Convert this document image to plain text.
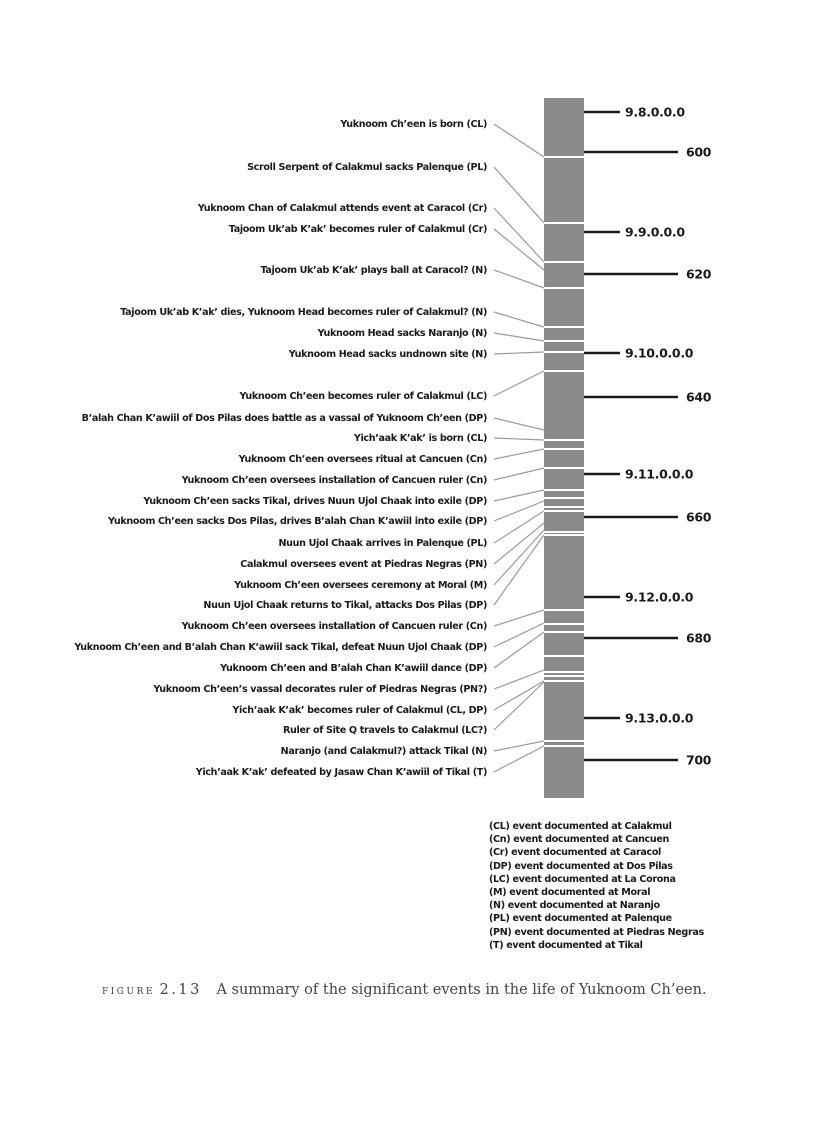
Yuknoom Ch’een is born (CL)
Scroll Serpent of Calakmul sacks Palenque (PL)
Yuknoom Chan of Calakmul attends event at Caracol (Cr)
Tajoom Uk’ab K’ak’ becomes ruler of Calakmul (Cr)
Tajoom Uk’ab K’ak’ plays ball at Caracol? (N)
Tajoom Uk’ab K’ak’ dies, Yuknoom Head becomes ruler of Calakmul? (N)
Yuknoom Head sacks Naranjo (N)
Yuknoom Head sacks undnown site (N)
Yuknoom Ch’een becomes ruler of Calakmul (LC)
B’alah Chan K’awiil of Dos Pilas does battle as a vassal of Yuknoom Ch’een (DP)
Yich’aak K’ak’ is born (CL)
Yuknoom Ch’een oversees ritual at Cancuen (Cn)
Yuknoom Ch’een oversees installation of Cancuen ruler (Cn)
Yuknoom Ch’een sacks Tikal, drives Nuun Ujol Chaak into exile (DP)
Yuknoom Ch’een sacks Dos Pilas, drives B’alah Chan K’awiil into exile (DP)
Nuun Ujol Chaak arrives in Palenque (PL)
Calakmul oversees event at Piedras Negras (PN)
Yuknoom Ch’een oversees ceremony at Moral (M)
Nuun Ujol Chaak returns to Tikal, attacks Dos Pilas (DP)
Yuknoom Ch’een oversees installation of Cancuen ruler (Cn)
Yuknoom Ch’een and B’alah Chan K’awiil sack Tikal, defeat Nuun Ujol Chaak (DP)
Yuknoom Ch’een and B’alah Chan K’awiil dance (DP)
Yuknoom Ch’een’s vassal decorates ruler of Piedras Negras (PN?)
Yich’aak K’ak’ becomes ruler of Calakmul (CL, DP)
Ruler of Site Q travels to Calakmul (LC?)
Naranjo (and Calakmul?) attack Tikal (N)
Yich’aak K’ak’ defeated by Jasaw Chan K’awiil of Tikal (T)
9.8.0.0.0
9.9.0.0.0
9.10.0.0.0
9.11.0.0.0
9.12.0.0.0
9.13.0.0.0
600
620
640
660
680
700
(CL) event documented at Calakmul
(Cn) event documented at Cancuen
(Cr) event documented at Caracol
(DP) event documented at Dos Pilas
(LC) event documented at La Corona
(M) event documented at Moral
(N) event documented at Naranjo
(PL) event documented at Palenque
(PN) event documented at Piedras Negras
(T) event documented at Tikal
figure 2.13 A summary of the significant events in the life of Yuknoom Ch’een.
